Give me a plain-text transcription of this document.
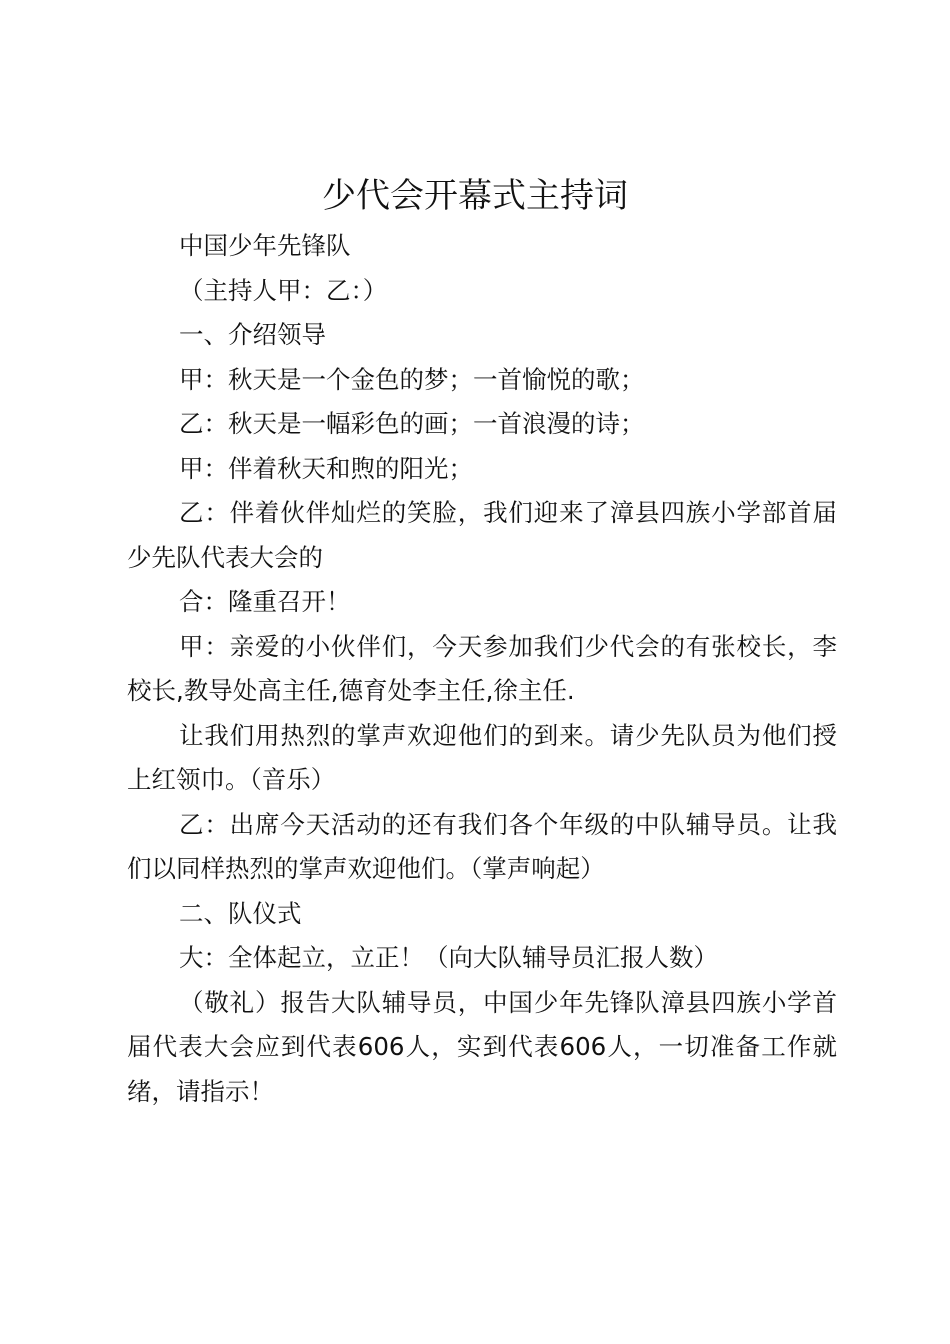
少代会开幕式主持词

中国少年先锋队

（主持人甲：乙：）

一、介绍领导

甲：秋天是一个金色的梦；一首愉悦的歌；

乙：秋天是一幅彩色的画；一首浪漫的诗；

甲：伴着秋天和煦的阳光；

乙：伴着伙伴灿烂的笑脸，我们迎来了漳县四族小学部首届少先队代表大会的

合：隆重召开！

甲：亲爱的小伙伴们，今天参加我们少代会的有张校长，李校长,教导处高主任,德育处李主任,徐主任.

让我们用热烈的掌声欢迎他们的到来。请少先队员为他们授上红领巾。（音乐）

乙：出席今天活动的还有我们各个年级的中队辅导员。让我们以同样热烈的掌声欢迎他们。（掌声响起）

二、队仪式

大：全体起立，立正！（向大队辅导员汇报人数）

（敬礼）报告大队辅导员，中国少年先锋队漳县四族小学首届代表大会应到代表606人，实到代表606人，一切准备工作就绪，请指示！
